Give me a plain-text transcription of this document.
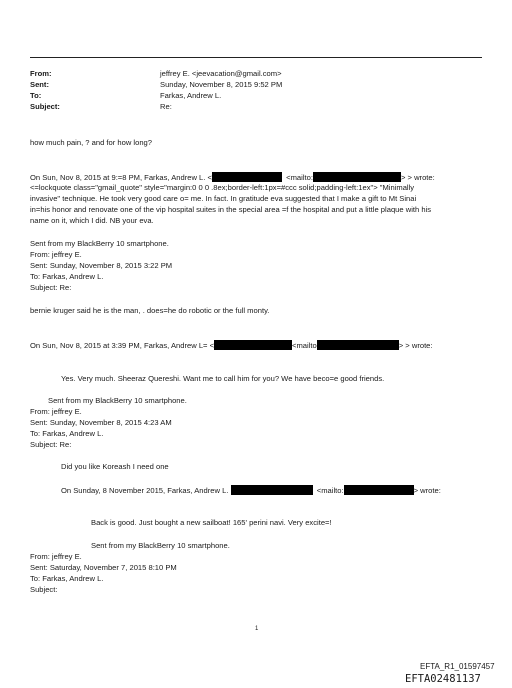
From:	jeffrey E. <jeevacation@gmail.com>
Sent:	Sunday, November 8, 2015 9:52 PM
To:	Farkas, Andrew L.
Subject:	Re:
how much pain, ? and for how long?
On Sun, Nov 8, 2015 at 9:=8 PM, Farkas, Andrew L. <	<mailto:	> > wrote:
<=lockquote class="gmail_quote" style="margin:0 0 0 .8ex;border-left:1px=#ccc solid;padding-left:1ex"> "Minimally
invasive" technique. He took very good care o= me. In fact. In gratitude eva suggested that I make a gift to Mt Sinai
in=his honor and renovate one of the vip hospital suites in the special area =f the hospital and put a little plaque with his
name on it, which I did. NB your eva.
Sent from my BlackBerry 10 smartphone.
From: jeffrey E.
Sent: Sunday, November 8, 2015 3:22 PM
To: Farkas, Andrew L.
Subject: Re:
bernie kruger said he is the man, . does=he do robotic or the full monty.
On Sun, Nov 8, 2015 at 3:39 PM, Farkas, Andrew L= <	<mailto	> > wrote:
Yes. Very much. Sheeraz Quereshi. Want me to call him for you? We have beco=e good friends.
Sent from my BlackBerry 10 smartphone.
From: jeffrey E.
Sent: Sunday, November 8, 2015 4:23 AM
To: Farkas, Andrew L.
Subject: Re:
Did you like Koreash I need one
On Sunday, 8 November 2015, Farkas, Andrew L.	<mailto:	> wrote:
Back is good. Just bought a new sailboat! 165' perini navi. Very excite=!
Sent from my BlackBerry 10 smartphone.
From: jeffrey E.
Sent: Saturday, November 7, 2015 8:10 PM
To: Farkas, Andrew L.
Subject:
1
EFTA_R1_01597457
EFTA02481137
